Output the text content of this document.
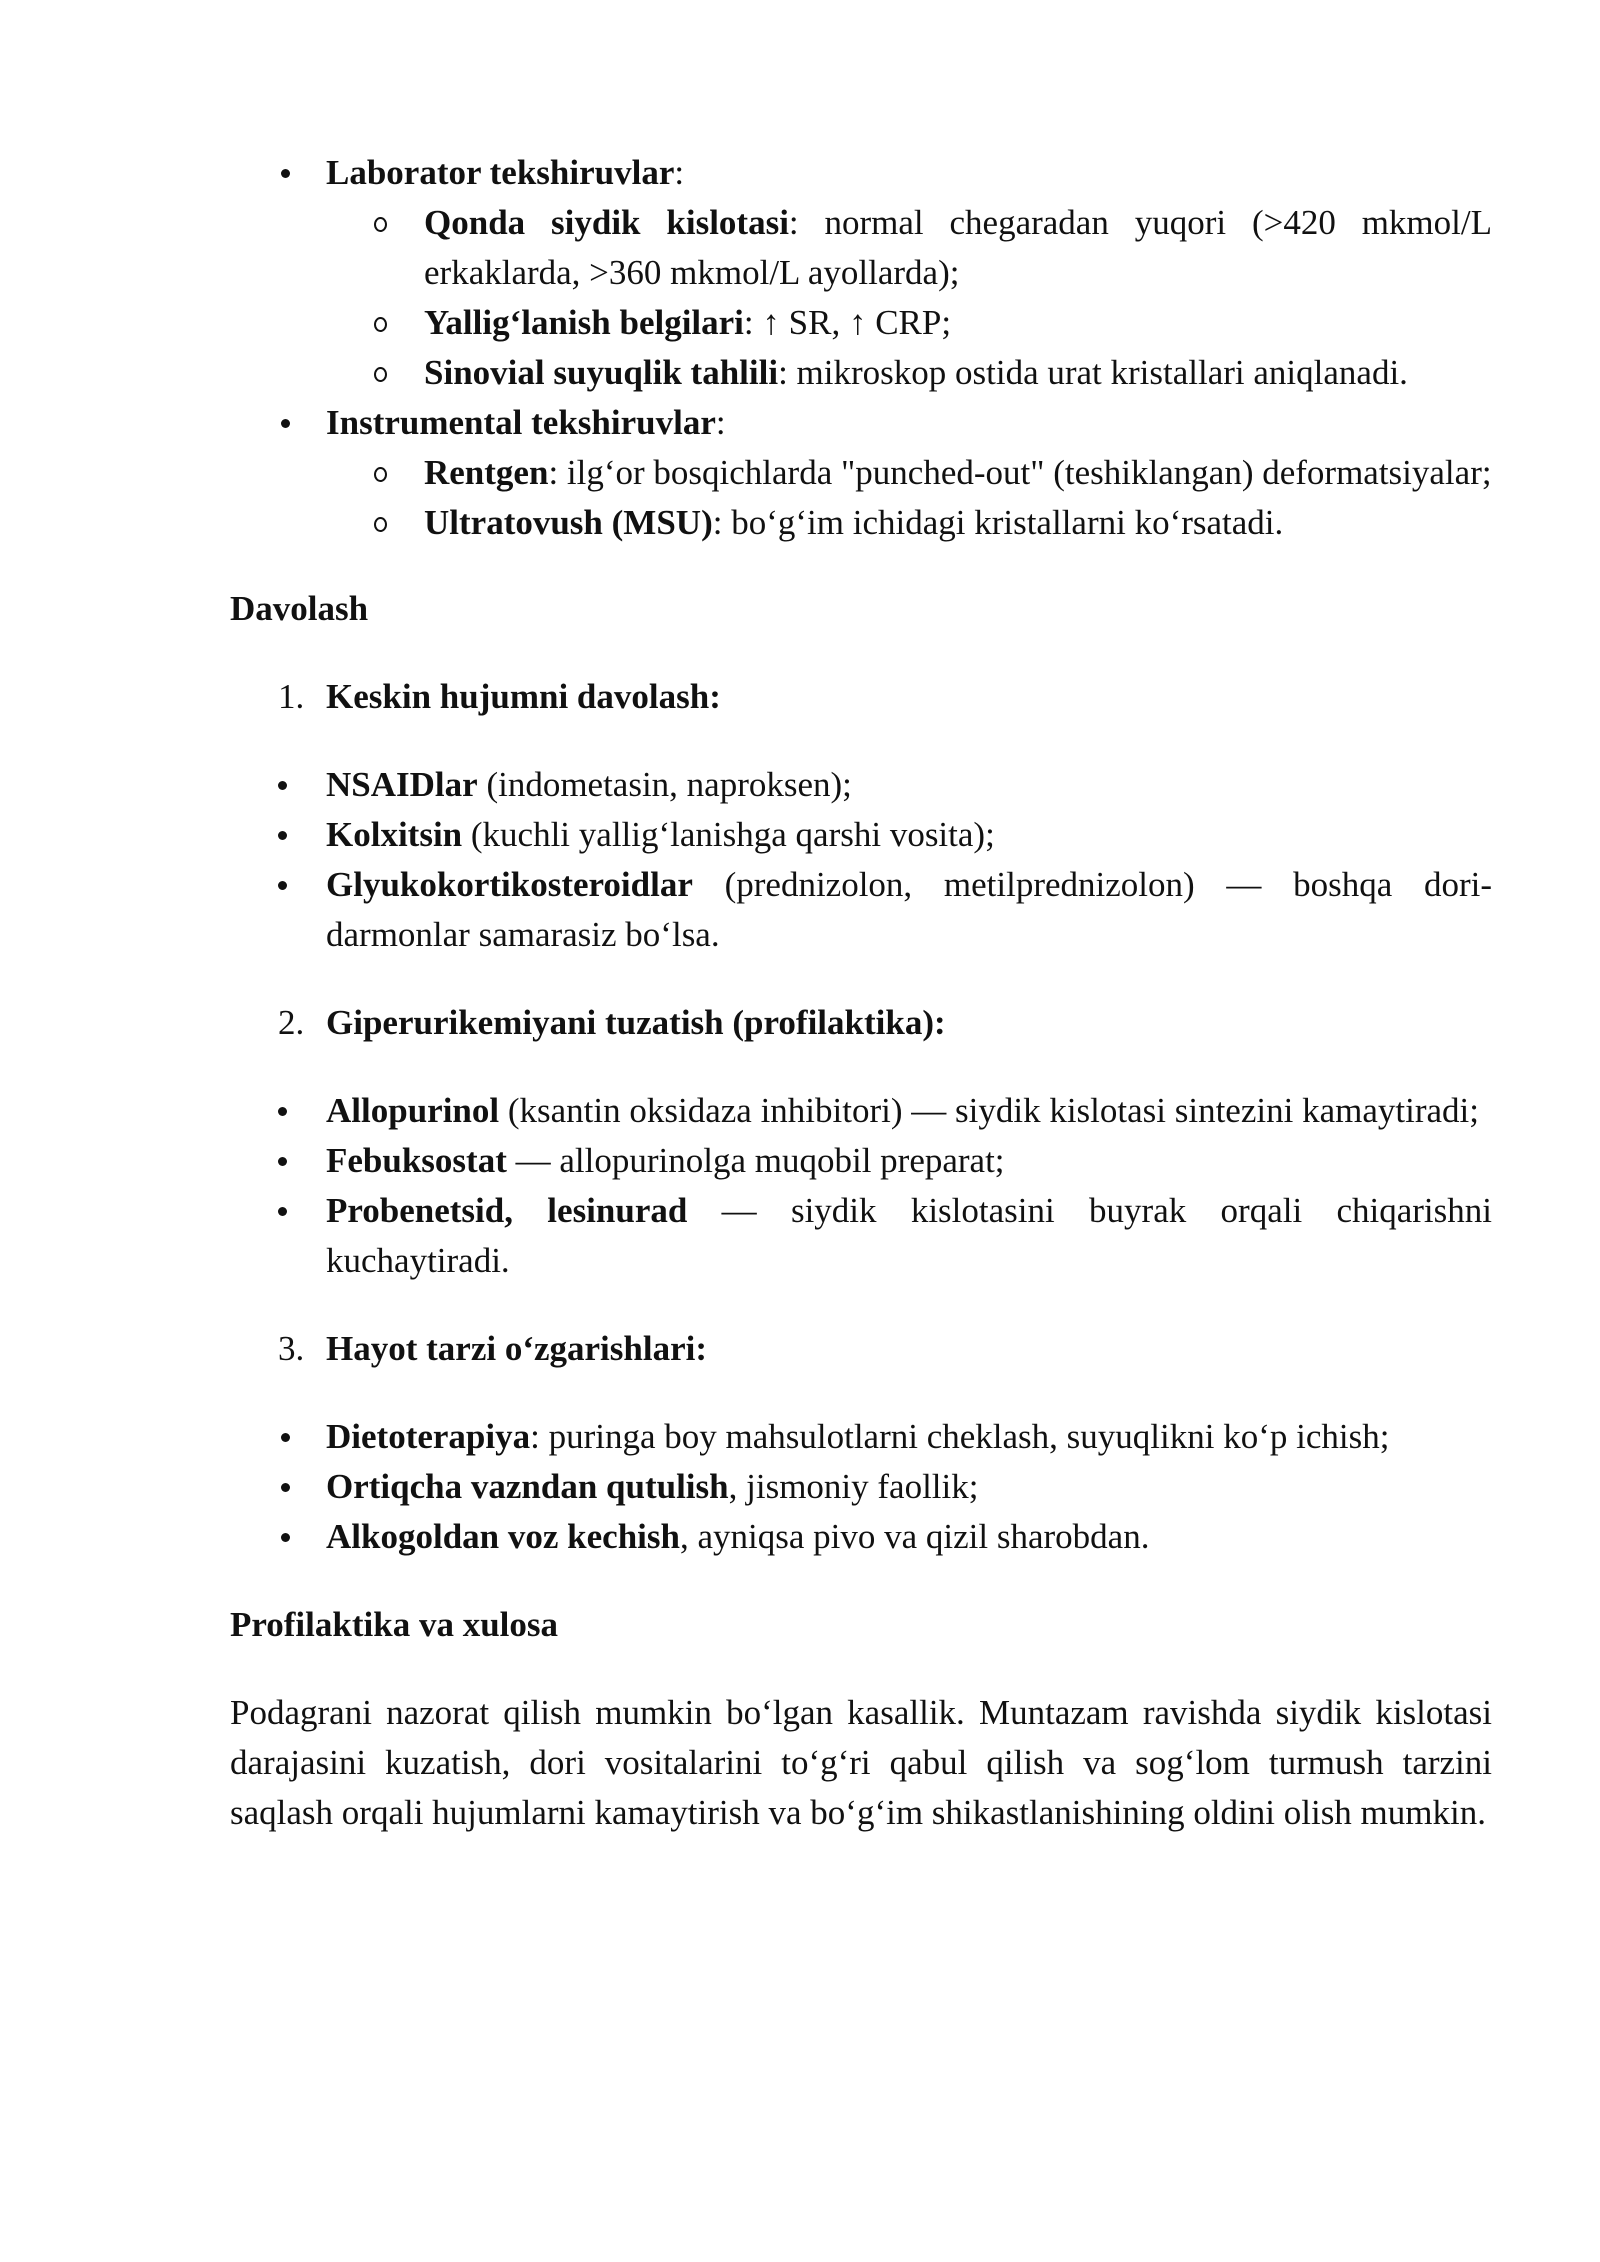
Laborator tekshiruvlar:
Qonda siydik kislotasi: normal chegaradan yuqori (>420 mkmol/L erkaklarda, >360 mkmol/L ayollarda);
Yallig‘lanish belgilari: ↑ SR, ↑ CRP;
Sinovial suyuqlik tahlili: mikroskop ostida urat kristallari aniqlanadi.
Instrumental tekshiruvlar:
Rentgen: ilg‘or bosqichlarda "punched-out" (teshiklangan) deformatsiyalar;
Ultratovush (MSU): bo‘g‘im ichidagi kristallarni ko‘rsatadi.
Davolash
1. Keskin hujumni davolash:
NSAIDlar (indometasin, naproksen);
Kolxitsin (kuchli yallig‘lanishga qarshi vosita);
Glyukokortikosteroidlar (prednizolon, metilprednizolon) — boshqa dori-darmonlar samarasiz bo‘lsa.
2. Giperurikemiyani tuzatish (profilaktika):
Allopurinol (ksantin oksidaza inhibitori) — siydik kislotasi sintezini kamaytiradi;
Febuksostat — allopurinolga muqobil preparat;
Probenetsid, lesinurad — siydik kislotasini buyrak orqali chiqarishni kuchaytiradi.
3. Hayot tarzi o‘zgarishlari:
Dietoterapiya: puringa boy mahsulotlarni cheklash, suyuqlikni ko‘p ichish;
Ortiqcha vazndan qutulish, jismoniy faollik;
Alkogoldan voz kechish, ayniqsa pivo va qizil sharobdan.
Profilaktika va xulosa
Podagrani nazorat qilish mumkin bo‘lgan kasallik. Muntazam ravishda siydik kislotasi darajasini kuzatish, dori vositalarini to‘g‘ri qabul qilish va sog‘lom turmush tarzini saqlash orqali hujumlarni kamaytirish va bo‘g‘im shikastlanishining oldini olish mumkin.
